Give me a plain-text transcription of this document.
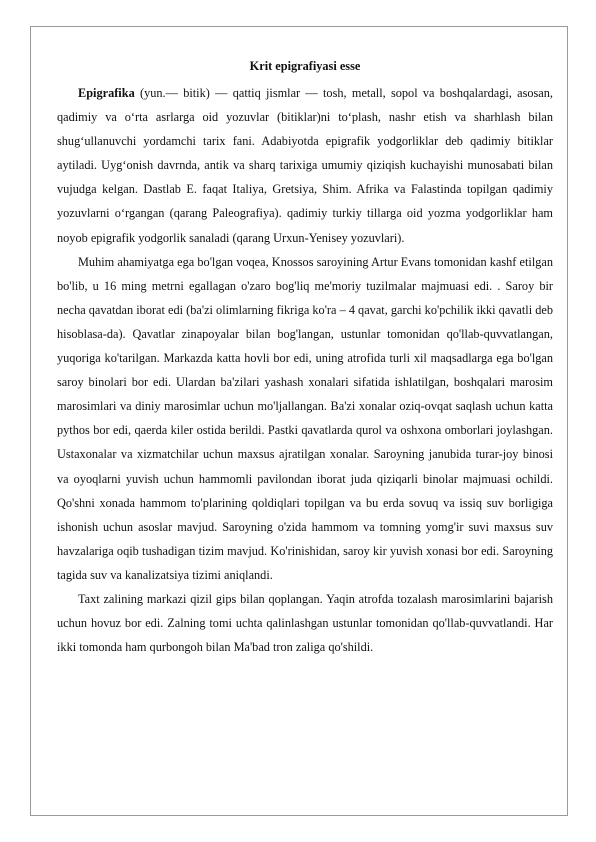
Krit epigrafiyasi esse

Epigrafika (yun.— bitik) — qattiq jismlar — tosh, metall, sopol va boshqalardagi, asosan, qadimiy va o‘rta asrlarga oid yozuvlar (bitiklar)ni to‘plash, nashr etish va sharhlash bilan shug‘ullanuvchi yordamchi tarix fani. Adabiyotda epigrafik yodgorliklar deb qadimiy bitiklar aytiladi. Uyg‘onish davrnda, antik va sharq tarixiga umumiy qiziqish kuchayishi munosabati bilan vujudga kelgan. Dastlab E. faqat Italiya, Gretsiya, Shim. Afrika va Falastinda topilgan qadimiy yozuvlarni o‘rgangan (qarang Paleografiya). qadimiy turkiy tillarga oid yozma yodgorliklar ham noyob epigrafik yodgorlik sanaladi (qarang Urxun-Yenisey yozuvlari).

Muhim ahamiyatga ega bo'lgan voqea, Knossos saroyining Artur Evans tomonidan kashf etilgan bo'lib, u 16 ming metrni egallagan o'zaro bog'liq me'moriy tuzilmalar majmuasi edi. . Saroy bir necha qavatdan iborat edi (ba'zi olimlarning fikriga ko'ra – 4 qavat, garchi ko'pchilik ikki qavatli deb hisoblasa-da). Qavatlar zinapoyalar bilan bog'langan, ustunlar tomonidan qo'llab-quvvatlangan, yuqoriga ko'tarilgan. Markazda katta hovli bor edi, uning atrofida turli xil maqsadlarga ega bo'lgan saroy binolari bor edi. Ulardan ba'zilari yashash xonalari sifatida ishlatilgan, boshqalari marosim marosimlari va diniy marosimlar uchun mo'ljallangan. Ba'zi xonalar oziq-ovqat saqlash uchun katta pythos bor edi, qaerda kiler ostida berildi. Pastki qavatlarda qurol va oshxona omborlari joylashgan. Ustaxonalar va xizmatchilar uchun maxsus ajratilgan xonalar. Saroyning janubida turar-joy binosi va oyoqlarni yuvish uchun hammomli pavilondan iborat juda qiziqarli binolar majmuasi ochildi. Qo'shni xonada hammom to'plarining qoldiqlari topilgan va bu erda sovuq va issiq suv borligiga ishonish uchun asoslar mavjud. Saroyning o'zida hammom va tomning yomg'ir suvi maxsus suv havzalariga oqib tushadigan tizim mavjud. Ko'rinishidan, saroy kir yuvish xonasi bor edi. Saroyning tagida suv va kanalizatsiya tizimi aniqlandi.

Taxt zalining markazi qizil gips bilan qoplangan. Yaqin atrofda tozalash marosimlarini bajarish uchun hovuz bor edi. Zalning tomi uchta qalinlashgan ustunlar tomonidan qo'llab-quvvatlandi. Har ikki tomonda ham qurbongoh bilan Ma'bad tron zaliga qo'shildi.
